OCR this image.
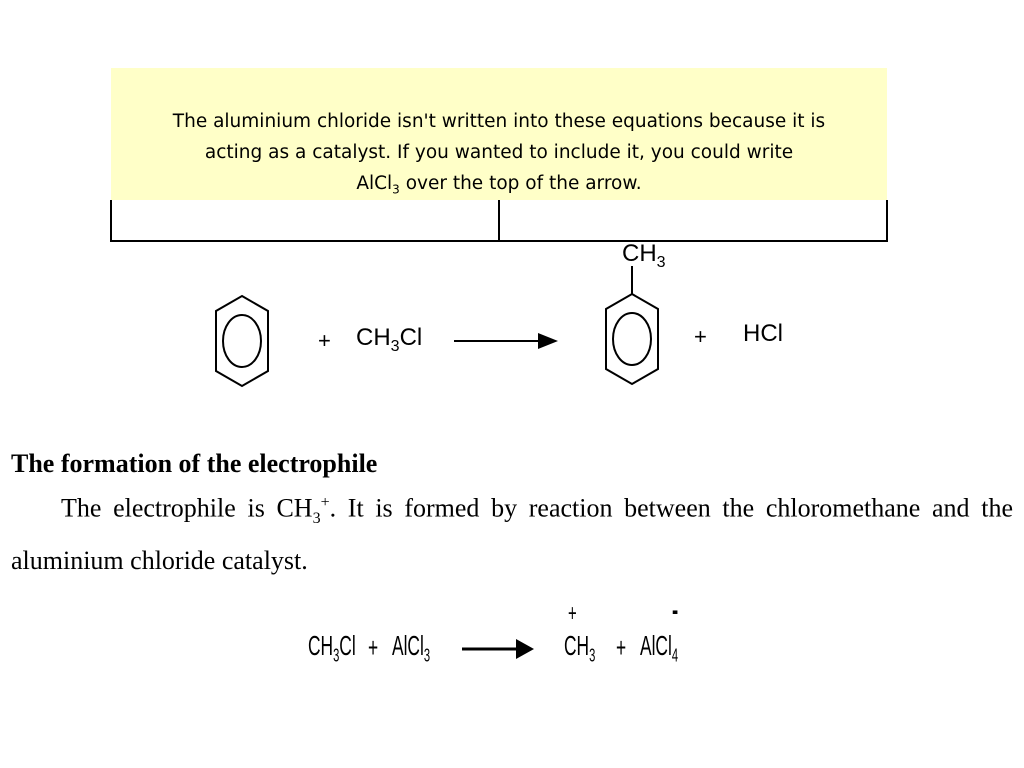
The aluminium chloride isn't written into these equations because it is
acting as a catalyst. If you wanted to include it, you could write
AlCl$_3$ over the top of the arrow.
+ $CH_3Cl$
$CH_3$
+ HCl
The formation of the electrophile
The electrophile is $CH_3^+$. It is formed by reaction between the chloromethane and the aluminium chloride catalyst.
$CH_3Cl$ + AlCl$_3$
+
$CH_3$ + AlCl$_4$
-
